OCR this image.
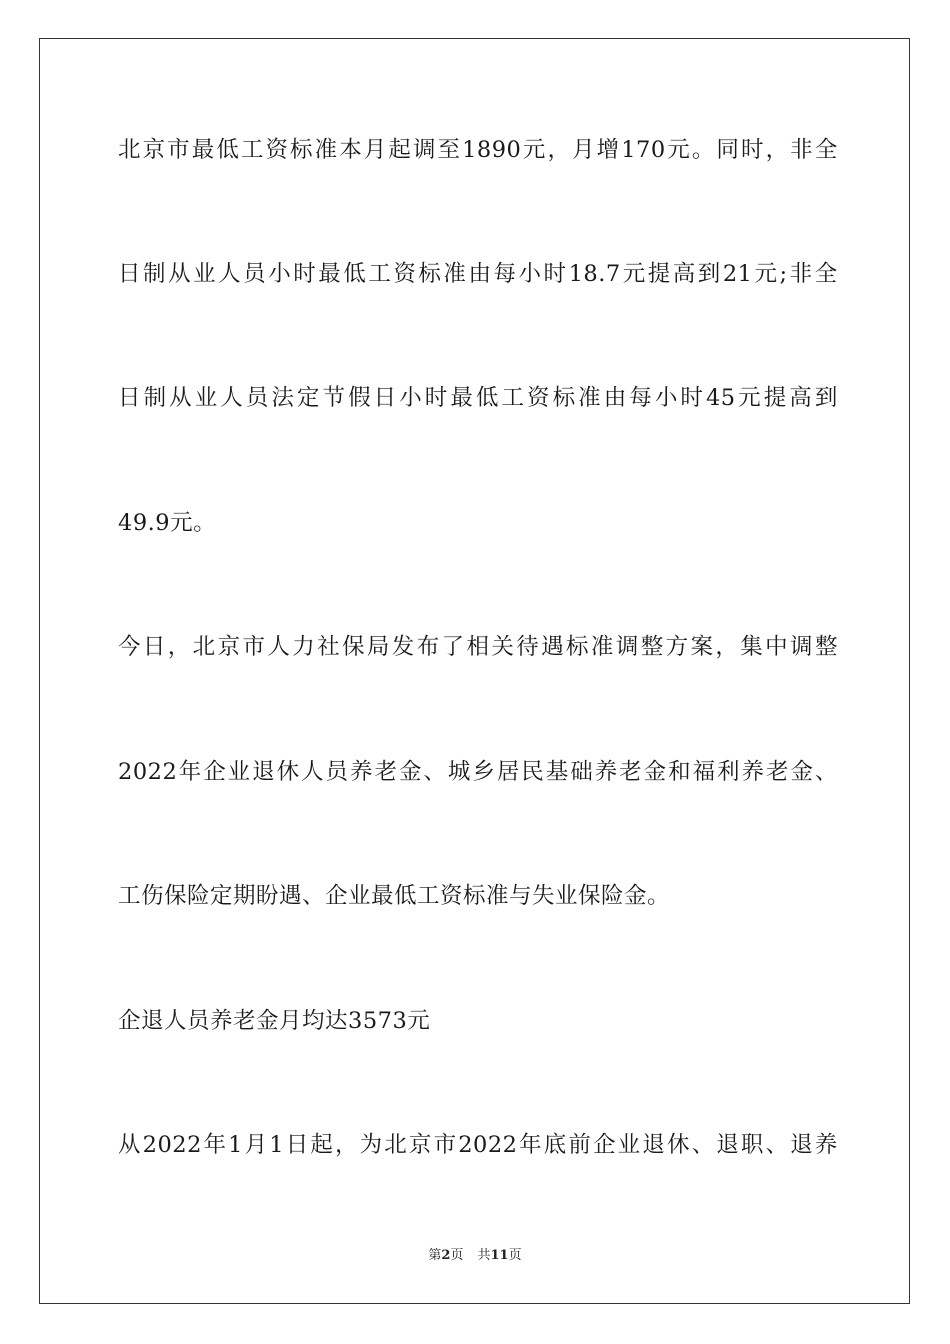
北 京 市 最 低 工 资 标 准 本 月 起 调 至 1890 元 ， 月 增 170 元 。 同 时 ， 非 全
日 制 从 业 人 员 小 时 最 低 工 资 标 准 由 每 小 时 18.7 元 提 高 到 21 元 ; 非 全
日 制 从 业 人 员 法 定 节 假 日 小 时 最 低 工 资 标 准 由 每 小 时 45 元 提 高 到
49.9元。
今 日 ， 北 京 市 人 力 社 保 局 发 布 了 相 关 待 遇 标 准 调 整 方 案 ， 集 中 调 整
2022 年 企 业 退 休 人 员 养 老 金 、 城 乡 居 民 基 础 养 老 金 和 福 利 养 老 金 、
工伤保险定期盼遇、企业最低工资标准与失业保险金。
企退人员养老金月均达3573元
从 2022 年 1 月 1 日 起 ， 为 北 京 市 2022 年 底 前 企 业 退 休 、 退 职 、 退 养
第2页 共11页
